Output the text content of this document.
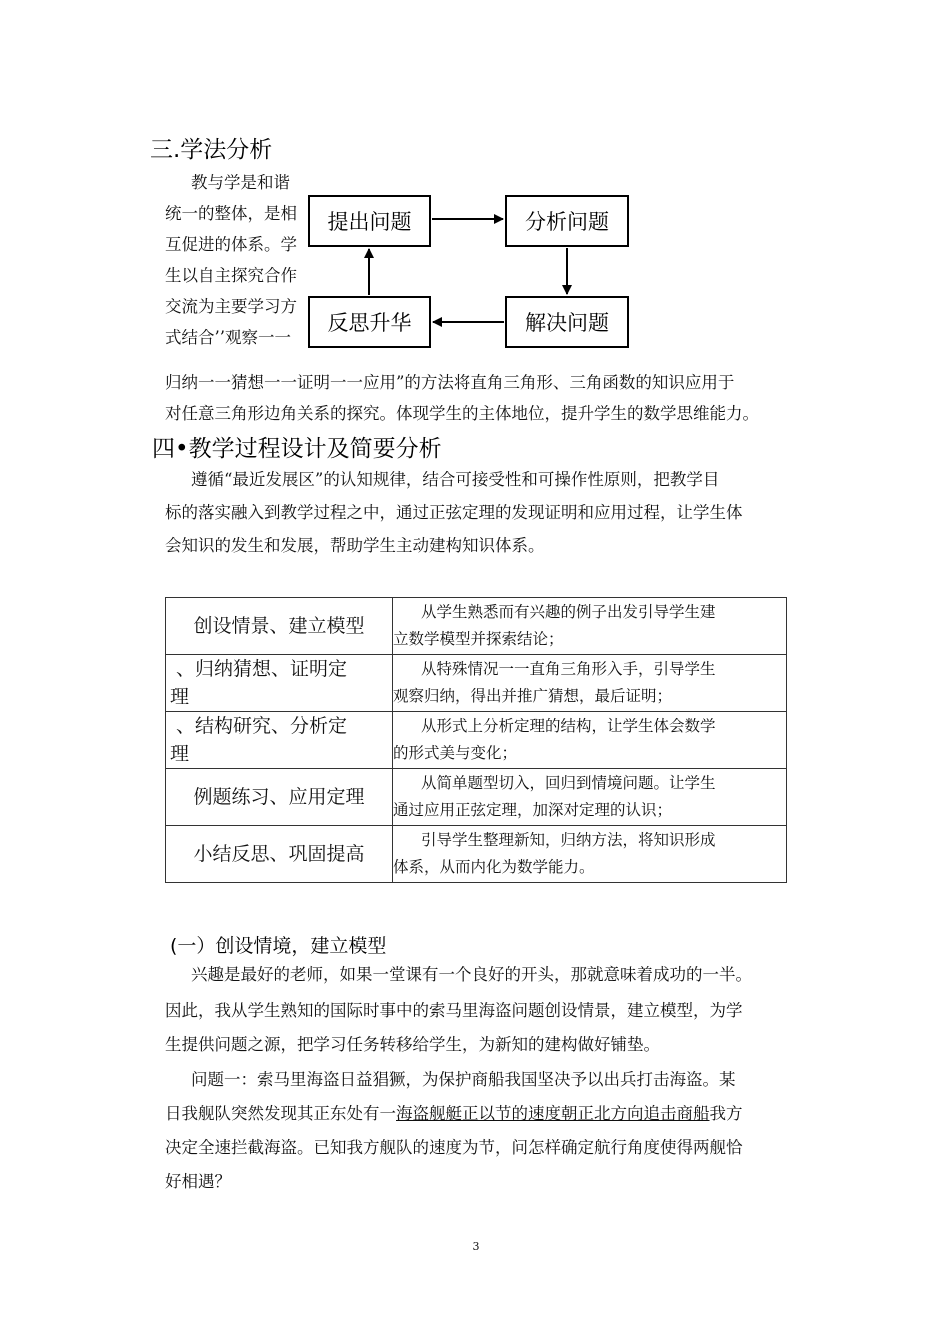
三.学法分析
教与学是和谐
统一的整体，是相
互促进的体系。学
生以自主探究合作
交流为主要学习方
式结合’’观察一一
提出问题	分析问题
解决问题
反思升华
归纳一一猜想一一证明一一应用”的方法将直角三角形、三角函数的知识应用于
对任意三角形边角关系的探究。体现学生的主体地位，提升学生的数学思维能力。
四•教学过程设计及简要分析
遵循“最近发展区”的认知规律，结合可接受性和可操作性原则，把教学目
标的落实融入到教学过程之中，通过正弦定理的发现证明和应用过程，让学生体
会知识的发生和发展，帮助学生主动建构知识体系。
创设情景、建立模型	从学生熟悉而有兴趣的例子出发引导学生建
立数学模型并探索结论；

、归纳猜想、证明定
理	从特殊情况一一直角三角形入手，引导学生
观察归纳，得出并推广猜想，最后证明；

、结构研究、分析定
理	从形式上分析定理的结构，让学生体会数学
的形式美与变化；

例题练习、应用定理	从简单题型切入，回归到情境问题。让学生
通过应用正弦定理，加深对定理的认识；

小结反思、巩固提高	引导学生整理新知，归纳方法，将知识形成
体系，从而内化为数学能力。
(一）创设情境，建立模型
兴趣是最好的老师，如果一堂课有一个良好的开头，那就意味着成功的一半。
因此，我从学生熟知的国际时事中的索马里海盗问题创设情景，建立模型，为学
生提供问题之源，把学习任务转移给学生，为新知的建构做好铺垫。
问题一：索马里海盗日益猖獗，为保护商船我国坚决予以出兵打击海盗。某
日我舰队突然发现其正东处有一海盗舰艇正以节的速度朝正北方向追击商船我方
决定全速拦截海盗。已知我方舰队的速度为节，问怎样确定航行角度使得两舰恰
好相遇？
3
